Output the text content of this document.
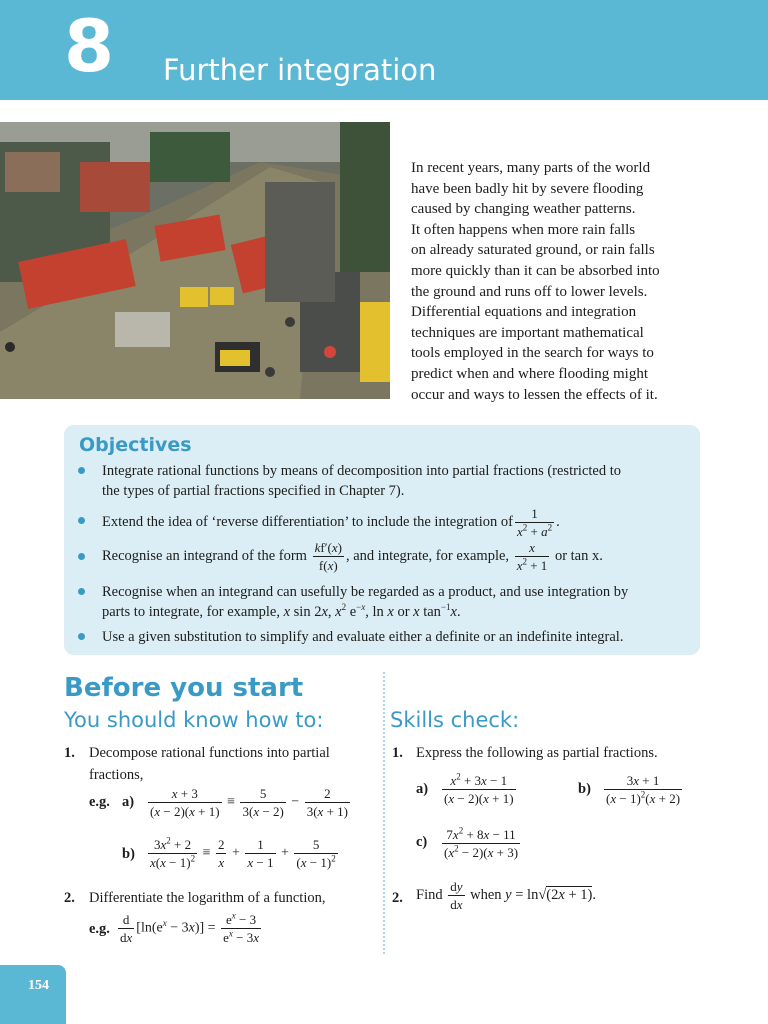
8 Further integration
In recent years, many parts of the world
have been badly hit by severe flooding
caused by changing weather patterns.
It often happens when more rain falls
on already saturated ground, or rain falls
more quickly than it can be absorbed into
the ground and runs off to lower levels.
Differential equations and integration
techniques are important mathematical
tools employed in the search for ways to
predict when and where flooding might
occur and ways to lessen the effects of it.
Objectives
Integrate rational functions by means of decomposition into partial fractions (restricted to
the types of partial fractions specified in Chapter 7).
Extend the idea of ‘reverse differentiation’ to include the integration of $\frac{1}{x^2 + a^2}$ .
Recognise an integrand of the form $\frac{kf'(x)}{f(x)}$ , and integrate, for example, $\frac{x}{x^2 + 1}$ or tan x.
Recognise when an integrand can usefully be regarded as a product, and use integration by
parts to integrate, for example, x sin 2x, $x^2$ $e^{-x}$, ln x or x $\tan^{-1}x$.
Use a given substitution to simplify and evaluate either a definite or an indefinite integral.
Before you start
You should know how to:	Skills check:
1. Decompose rational functions into partial
fractions,
e.g. $a) \frac{x + 3}{(x - 2)(x + 1)} \equiv \frac{5}{3(x - 2)} - \frac{2}{3(x + 1)}$
$b) \frac{3x^2 + 2}{x(x - 1)^2} \equiv \frac{2}{x} + \frac{1}{x - 1} + \frac{5}{(x - 1)^2}$
2. Differentiate the logarithm of a function,
e.g. $\frac{d}{dx} [\ln(e^x - 3x)] = \frac{e^x - 3}{e^x - 3x}$
1. Express the following as partial fractions.
$a) \frac{x^2 + 3x - 1}{(x - 2)(x + 1)}$	$b) \frac{3x + 1}{(x - 1)^2(x + 2)}$
$c) \frac{7x^2 + 8x - 11}{(x^2 - 2)(x + 3)}$
2. Find $\frac{dy}{dx}$ when y = ln√(2x + 1).
154
